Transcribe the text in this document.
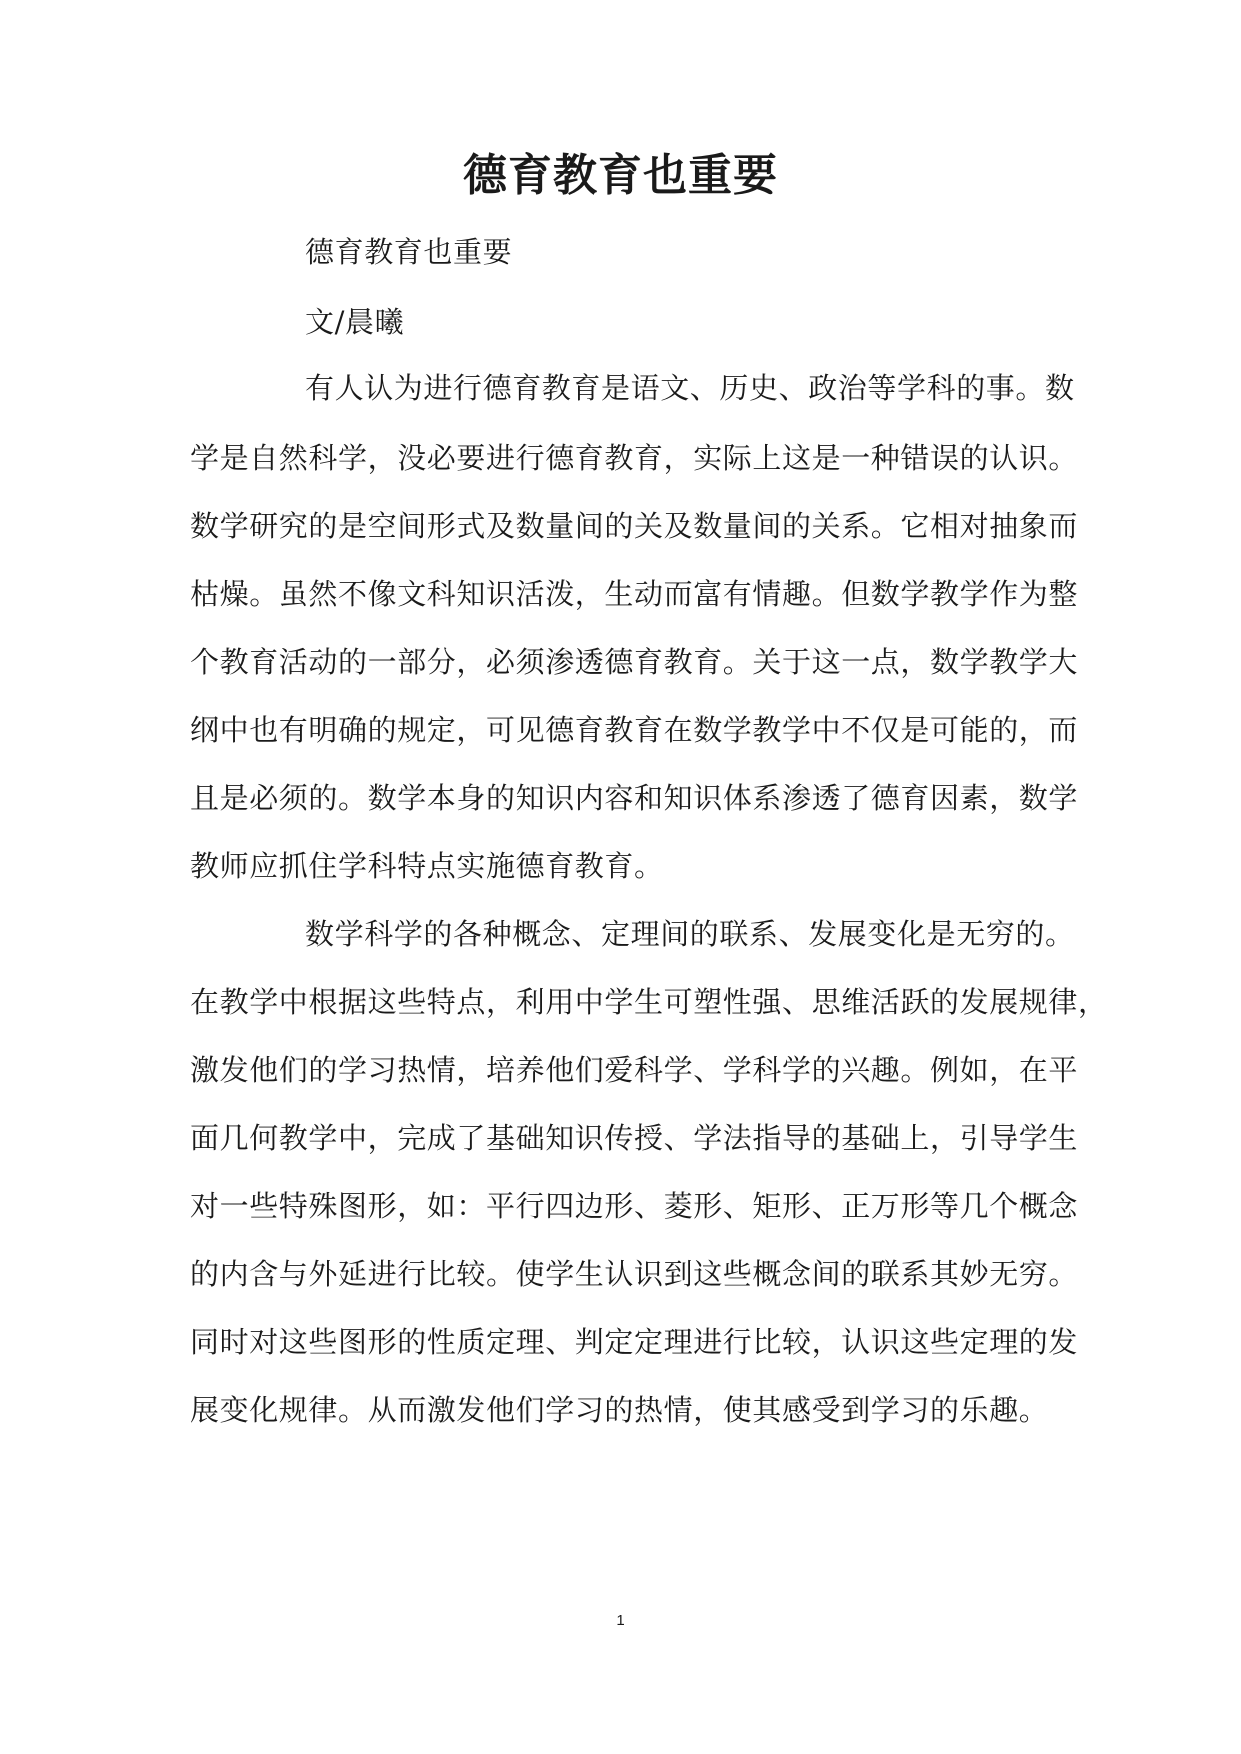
德育教育也重要
德育教育也重要
文/晨曦
有人认为进行德育教育是语文、历史、政治等学科的事。数
学是自然科学，没必要进行德育教育，实际上这是一种错误的认识。
数学研究的是空间形式及数量间的关及数量间的关系。它相对抽象而
枯燥。虽然不像文科知识活泼，生动而富有情趣。但数学教学作为整
个教育活动的一部分，必须渗透德育教育。关于这一点，数学教学大
纲中也有明确的规定，可见德育教育在数学教学中不仅是可能的，而
且是必须的。数学本身的知识内容和知识体系渗透了德育因素，数学
教师应抓住学科特点实施德育教育。
数学科学的各种概念、定理间的联系、发展变化是无穷的。
在教学中根据这些特点，利用中学生可塑性强、思维活跃的发展规律，
激发他们的学习热情，培养他们爱科学、学科学的兴趣。例如，在平
面几何教学中，完成了基础知识传授、学法指导的基础上，引导学生
对一些特殊图形，如：平行四边形、菱形、矩形、正万形等几个概念
的内含与外延进行比较。使学生认识到这些概念间的联系其妙无穷。
同时对这些图形的性质定理、判定定理进行比较，认识这些定理的发
展变化规律。从而激发他们学习的热情，使其感受到学习的乐趣。
1
